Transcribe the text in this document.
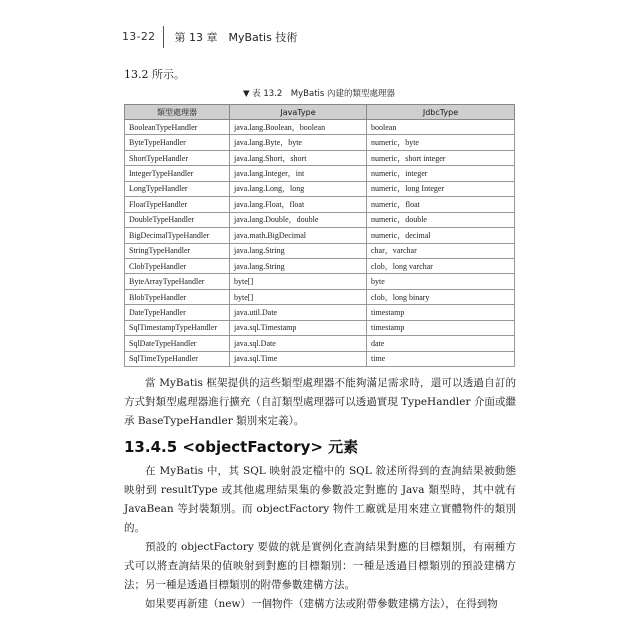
13-22	第 13 章　MyBatis 技術
13.2 所示。
▼ 表 13.2　MyBatis 內建的類型處理器
類型處理器	JavaType	JdbcType
BooleanTypeHandler	java.lang.Boolean，boolean	boolean
ByteTypeHandler	java.lang.Byte，byte	numeric，byte
ShortTypeHandler	java.lang.Short，short	numeric，short integer
IntegerTypeHandler	java.lang.Integer，int	numeric，integer
LongTypeHandler	java.lang.Long，long	numeric，long Integer
FloatTypeHandler	java.lang.Float，float	numeric，float
DoubleTypeHandler	java.lang.Double，double	numeric，double
BigDecimalTypeHandler	java.math.BigDecimal	numeric，decimal
StringTypeHandler	java.lang.String	char，varchar
ClobTypeHandler	java.lang.String	clob，long varchar
ByteArrayTypeHandler	byte[]	byte
BlobTypeHandler	byte[]	clob，long binary
DateTypeHandler	java.util.Date	timestamp
SqlTimestampTypeHandler	java.sql.Timestamp	timestamp
SqlDateTypeHandler	java.sql.Date	date
SqlTimeTypeHandler	java.sql.Time	time

當 MyBatis 框架提供的這些類型處理器不能夠滿足需求時，還可以透過自訂的方式對類型處理器進行擴充（自訂類型處理器可以透過實現 TypeHandler 介面或繼承 BaseTypeHandler 類別來定義）。

13.4.5 <objectFactory> 元素

在 MyBatis 中，其 SQL 映射設定檔中的 SQL 敘述所得到的查詢結果被動態映射到 resultType 或其他處理結果集的參數設定對應的 Java 類型時，其中就有 JavaBean 等封裝類別。而 objectFactory 物件工廠就是用來建立實體物件的類別的。

預設的 objectFactory 要做的就是實例化查詢結果對應的目標類別，有兩種方式可以將查詢結果的值映射到對應的目標類別：一種是透過目標類別的預設建構方法；另一種是透過目標類別的附帶參數建構方法。

如果要再新建（new）一個物件（建構方法或附帶參數建構方法），在得到物
